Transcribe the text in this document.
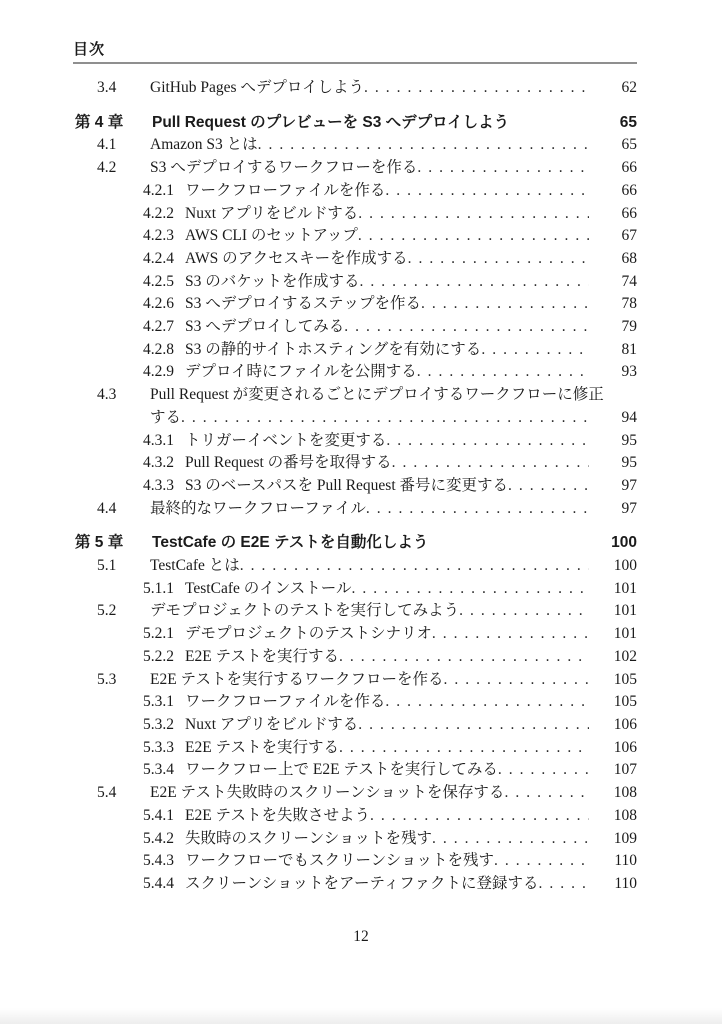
目次
3.4	GitHub Pages へデプロイしよう .....	62
第 4 章	Pull Request のプレビューを S3 へデプロイしよう	65
4.1	Amazon S3 とは .....	65
4.2	S3 へデプロイするワークフローを作る .....	66
4.2.1 ワークフローファイルを作る .....	66
4.2.2 Nuxt アプリをビルドする .....	66
4.2.3 AWS CLI のセットアップ .....	67
4.2.4 AWS のアクセスキーを作成する .....	68
4.2.5 S3 のバケットを作成する .....	74
4.2.6 S3 へデプロイするステップを作る .....	78
4.2.7 S3 へデプロイしてみる .....	79
4.2.8 S3 の静的サイトホスティングを有効にする .....	81
4.2.9 デプロイ時にファイルを公開する .....	93
4.3	Pull Request が変更されるごとにデプロイするワークフローに修正
する .....	94
4.3.1 トリガーイベントを変更する .....	95
4.3.2 Pull Request の番号を取得する .....	95
4.3.3 S3 のベースパスを Pull Request 番号に変更する .....	97
4.4	最終的なワークフローファイル .....	97
第 5 章	TestCafe の E2E テストを自動化しよう	100
5.1	TestCafe とは .....	100
5.1.1 TestCafe のインストール .....	101
5.2	デモプロジェクトのテストを実行してみよう .....	101
5.2.1 デモプロジェクトのテストシナリオ .....	101
5.2.2 E2E テストを実行する .....	102
5.3	E2E テストを実行するワークフローを作る .....	105
5.3.1 ワークフローファイルを作る .....	105
5.3.2 Nuxt アプリをビルドする .....	106
5.3.3 E2E テストを実行する .....	106
5.3.4 ワークフロー上で E2E テストを実行してみる .....	107
5.4	E2E テスト失敗時のスクリーンショットを保存する .....	108
5.4.1 E2E テストを失敗させよう .....	108
5.4.2 失敗時のスクリーンショットを残す .....	109
5.4.3 ワークフローでもスクリーンショットを残す .....	110
5.4.4 スクリーンショットをアーティファクトに登録する .....	110
12
